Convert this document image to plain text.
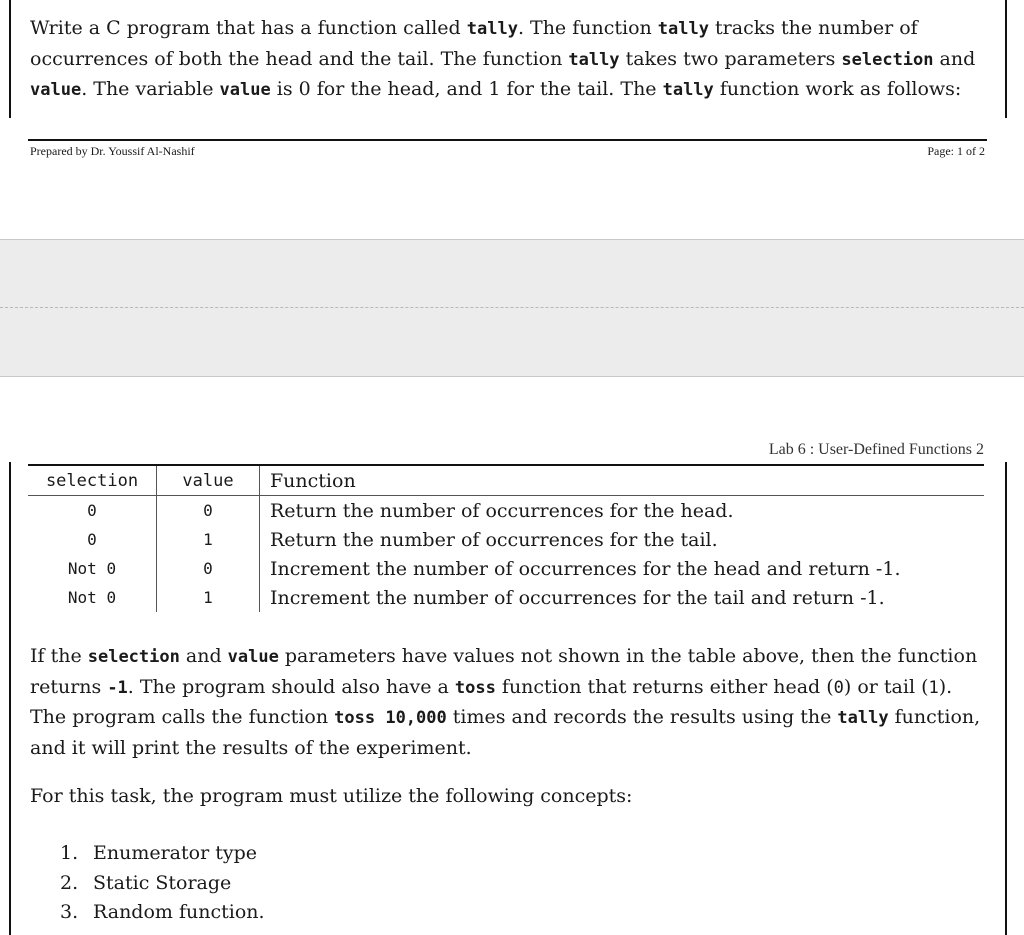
Write a C program that has a function called tally. The function tally tracks the number of occurrences of both the head and the tail. The function tally takes two parameters selection and value. The variable value is 0 for the head, and 1 for the tail. The tally function work as follows:

Prepared by Dr. Youssif Al-Nashif	Page: 1 of 2
Lab 6 : User-Defined Functions 2
selection	value	Function
0	0	Return the number of occurrences for the head.
0	1	Return the number of occurrences for the tail.
Not 0	0	Increment the number of occurrences for the head and return -1.
Not 0	1	Increment the number of occurrences for the tail and return -1.

If the selection and value parameters have values not shown in the table above, then the function returns -1. The program should also have a toss function that returns either head (0) or tail (1). The program calls the function toss 10,000 times and records the results using the tally function, and it will print the results of the experiment.

For this task, the program must utilize the following concepts:

1. Enumerator type
2. Static Storage
3. Random function.
